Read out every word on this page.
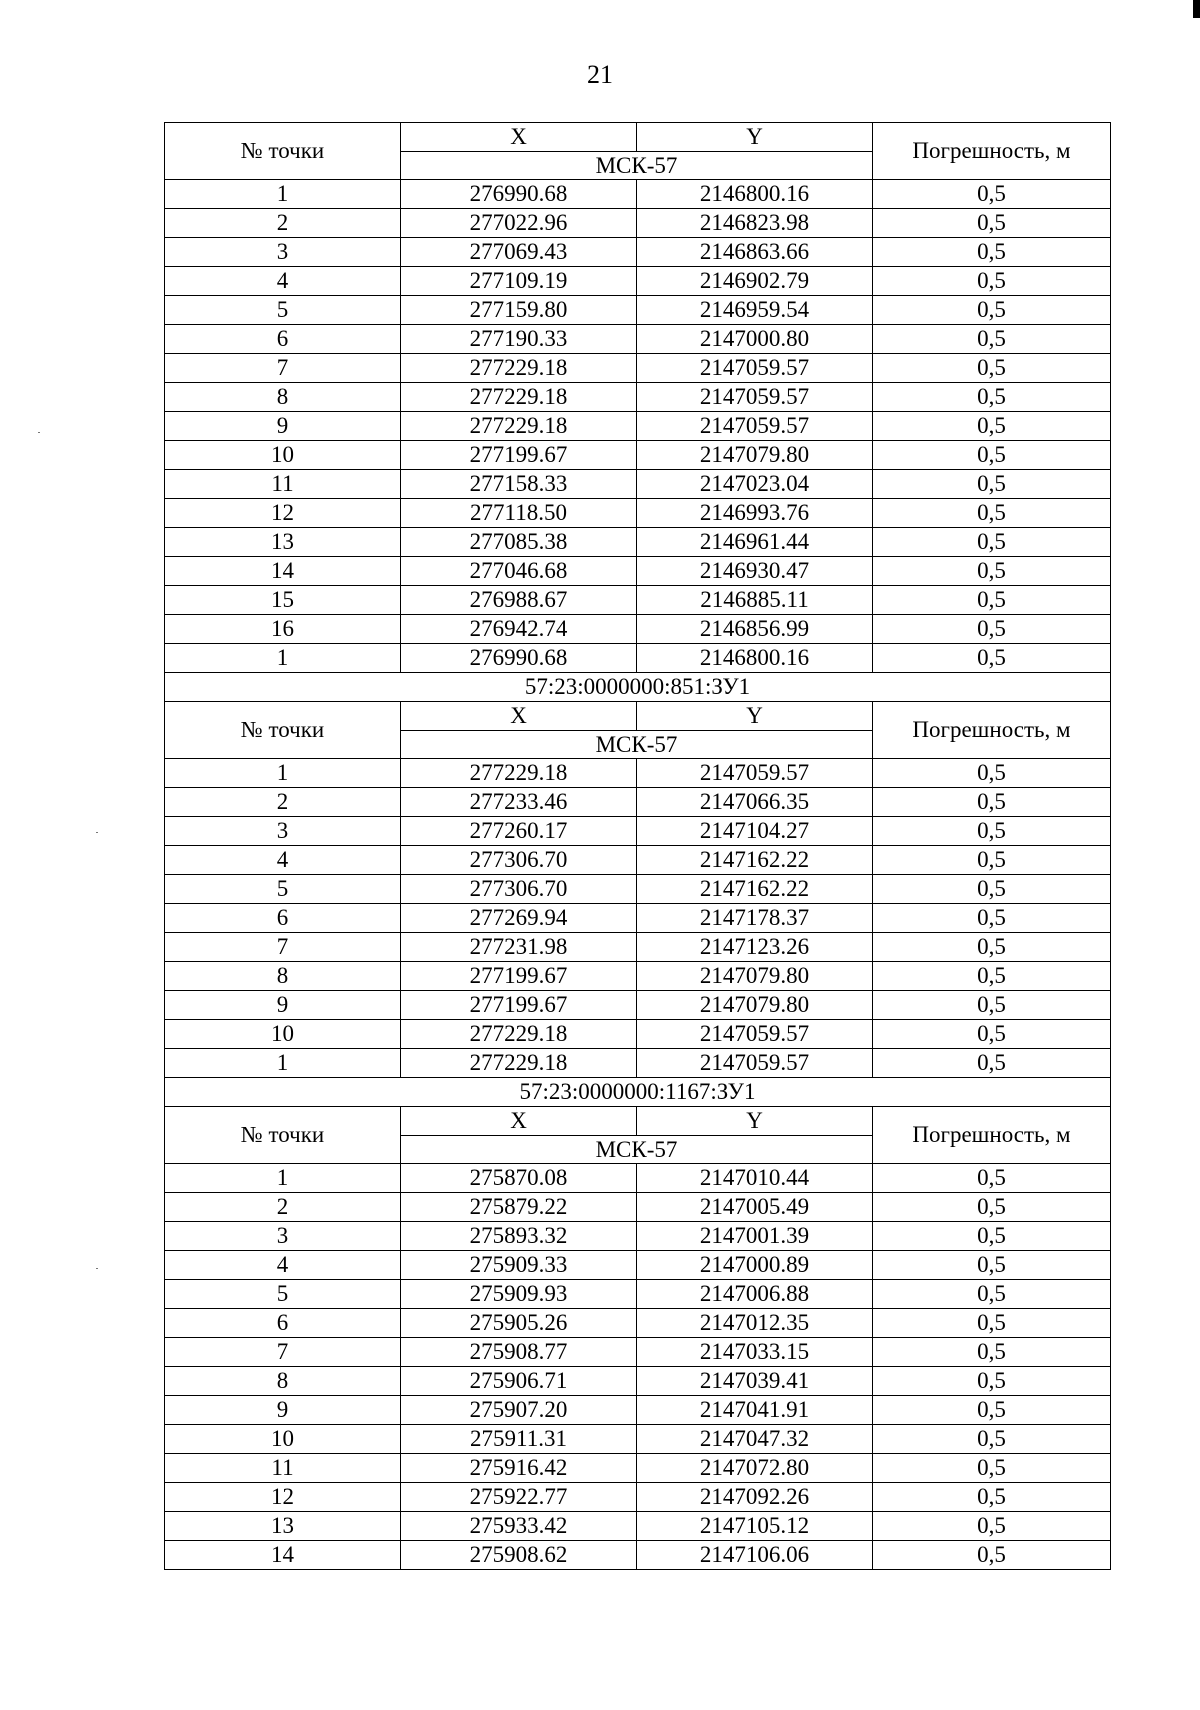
21
№ точки	X	Y	Погрешность, м
	МСК-57		
1	276990.68	2146800.16	0,5
2	277022.96	2146823.98	0,5
3	277069.43	2146863.66	0,5
4	277109.19	2146902.79	0,5
5	277159.80	2146959.54	0,5
6	277190.33	2147000.80	0,5
7	277229.18	2147059.57	0,5
8	277229.18	2147059.57	0,5
9	277229.18	2147059.57	0,5
10	277199.67	2147079.80	0,5
11	277158.33	2147023.04	0,5
12	277118.50	2146993.76	0,5
13	277085.38	2146961.44	0,5
14	277046.68	2146930.47	0,5
15	276988.67	2146885.11	0,5
16	276942.74	2146856.99	0,5
1	276990.68	2146800.16	0,5
57:23:0000000:851:ЗУ1			
№ точки	X	Y	Погрешность, м
	МСК-57		
1	277229.18	2147059.57	0,5
2	277233.46	2147066.35	0,5
3	277260.17	2147104.27	0,5
4	277306.70	2147162.22	0,5
5	277306.70	2147162.22	0,5
6	277269.94	2147178.37	0,5
7	277231.98	2147123.26	0,5
8	277199.67	2147079.80	0,5
9	277199.67	2147079.80	0,5
10	277229.18	2147059.57	0,5
1	277229.18	2147059.57	0,5
57:23:0000000:1167:ЗУ1			
№ точки	X	Y	Погрешность, м
	МСК-57		
1	275870.08	2147010.44	0,5
2	275879.22	2147005.49	0,5
3	275893.32	2147001.39	0,5
4	275909.33	2147000.89	0,5
5	275909.93	2147006.88	0,5
6	275905.26	2147012.35	0,5
7	275908.77	2147033.15	0,5
8	275906.71	2147039.41	0,5
9	275907.20	2147041.91	0,5
10	275911.31	2147047.32	0,5
11	275916.42	2147072.80	0,5
12	275922.77	2147092.26	0,5
13	275933.42	2147105.12	0,5
14	275908.62	2147106.06	0,5
